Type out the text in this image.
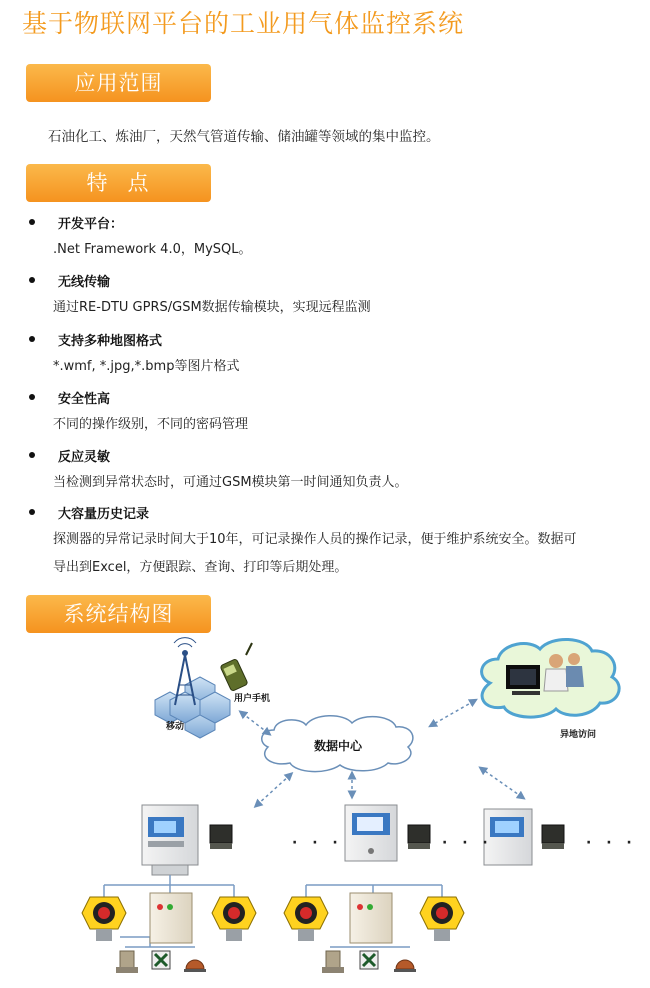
基于物联网平台的工业用气体监控系统
应用范围
石油化工、炼油厂，天然气管道传输、储油罐等领域的集中监控。
特点
开发平台：
.Net Framework 4.0，MySQL。
无线传输
通过RE-DTU GPRS/GSM数据传输模块，实现远程监测
支持多种地图格式
*.wmf, *.jpg,*.bmp等图片格式
安全性高
不同的操作级别，不同的密码管理
反应灵敏
当检测到异常状态时，可通过GSM模块第一时间通知负责人。
大容量历史记录
探测器的异常记录时间大于10年，可记录操作人员的操作记录，便于维护系统安全。数据可导出到Excel，方便跟踪、查询、打印等后期处理。
系统结构图
移动
用户手机
数据中心
异地访问
· · ·	· · ·	· · ·
